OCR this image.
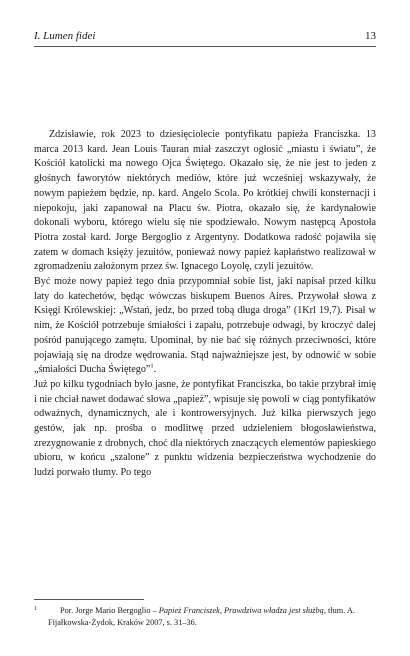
I. Lumen fidei	13

Zdzisławie, rok 2023 to dziesięciolecie pontyfikatu papieża Franciszka. 13 marca 2013 kard. Jean Louis Tauran miał zaszczyt ogłosić „miastu i światu”, że Kościół katolicki ma nowego Ojca Świętego. Okazało się, że nie jest to jeden z głośnych faworytów niektórych mediów, które już wcześniej wskazywały, że nowym papieżem będzie, np. kard. Angelo Scola. Po krótkiej chwili konsternacji i niepokoju, jaki zapanował na Placu św. Piotra, okazało się, że kardynałowie dokonali wyboru, którego wielu się nie spodziewało. Nowym następcą Apostoła Piotra został kard. Jorge Bergoglio z Argentyny. Dodatkowa radość pojawiła się zatem w domach księży jezuitów, ponieważ nowy papież kapłaństwo realizował w zgromadzeniu założonym przez św. Ignacego Loyolę, czyli jezuitów.

Być może nowy papież tego dnia przypomniał sobie list, jaki napisał przed kilku laty do katechetów, będąc wówczas biskupem Buenos Aires. Przywołał słowa z Księgi Królewskiej: „Wstań, jedz, bo przed tobą długa droga” (1Krl 19,7). Pisał w nim, że Kościół potrzebuje śmiałości i zapału, potrzebuje odwagi, by kroczyć dalej pośród panującego zamętu. Upominał, by nie bać się różnych przeciwności, które pojawiają się na drodze wędrowania. Stąd najważniejsze jest, by odnowić w sobie „śmiałości Ducha Świętego”$^1$.

Już po kilku tygodniach było jasne, że pontyfikat Franciszka, bo takie przybrał imię i nie chciał nawet dodawać słowa „papież”, wpisuje się powoli w ciąg pontyfikatów odważnych, dynamicznych, ale i kontrowersyjnych. Już kilka pierwszych jego gestów, jak np. prośba o modlitwę przed udzieleniem błogosławieństwa, zrezygnowanie z drobnych, choć dla niektórych znaczących elementów papieskiego ubioru, w końcu „szalone” z punktu widzenia bezpieczeństwa wychodzenie do ludzi porwało tłumy. Po tego

1	Por. Jorge Mario Bergoglio – Papież Franciszek, Prawdziwa władza jest służbą, tłum. A. Fijałkowska-Żydok, Kraków 2007, s. 31–36.
